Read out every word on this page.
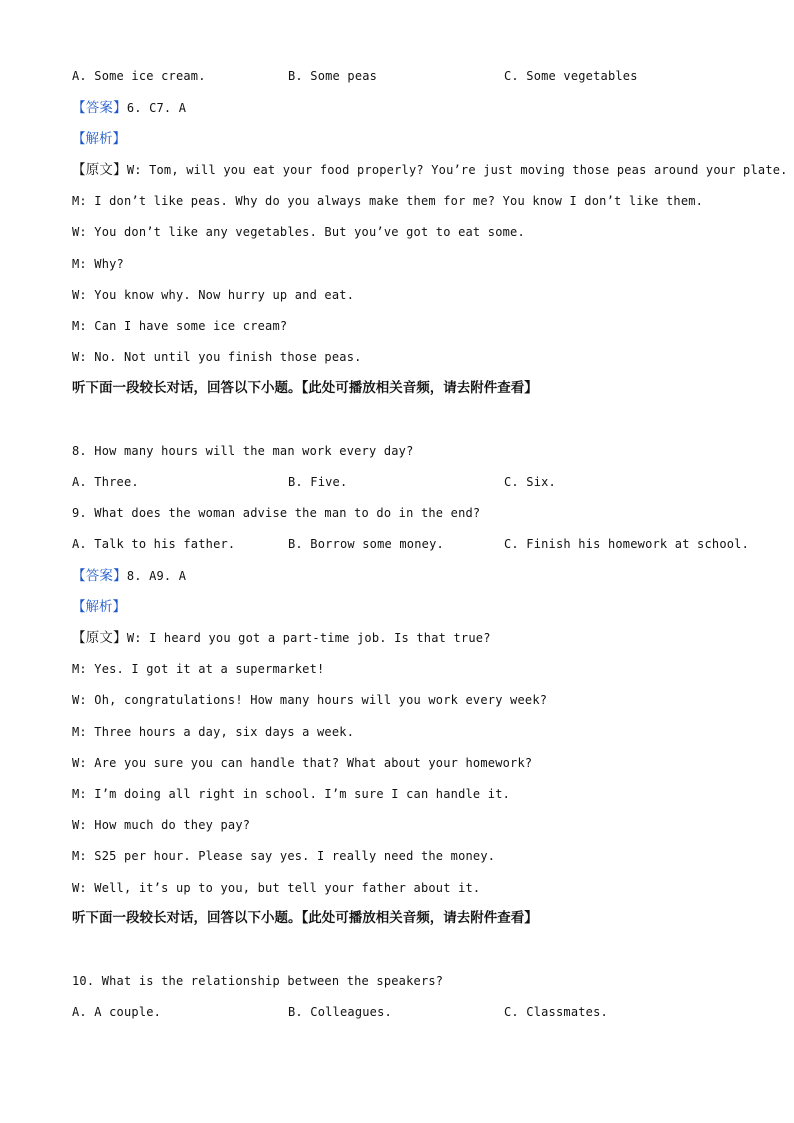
A. Some ice cream.	B. Some peas	C. Some vegetables
【答案】6. C7. A
【解析】
【原文】W: Tom, will you eat your food properly? You’re just moving those peas around your plate.
M: I don’t like peas. Why do you always make them for me? You know I don’t like them.
W: You don’t like any vegetables. But you’ve got to eat some.
M: Why?
W: You know why. Now hurry up and eat.
M: Can I have some ice cream?
W: No. Not until you finish those peas.
听下面一段较长对话，回答以下小题。【此处可播放相关音频，请去附件查看】
8. How many hours will the man work every day?
A. Three.	B. Five.	C. Six.
9. What does the woman advise the man to do in the end?
A. Talk to his father.	B. Borrow some money.	C. Finish his homework at school.
【答案】8. A9. A
【解析】
【原文】W: I heard you got a part-time job. Is that true?
M: Yes. I got it at a supermarket!
W: Oh, congratulations! How many hours will you work every week?
M: Three hours a day, six days a week.
W: Are you sure you can handle that? What about your homework?
M: I’m doing all right in school. I’m sure I can handle it.
W: How much do they pay?
M: S25 per hour. Please say yes. I really need the money.
W: Well, it’s up to you, but tell your father about it.
听下面一段较长对话，回答以下小题。【此处可播放相关音频，请去附件查看】
10. What is the relationship between the speakers?
A. A couple.	B. Colleagues.	C. Classmates.
